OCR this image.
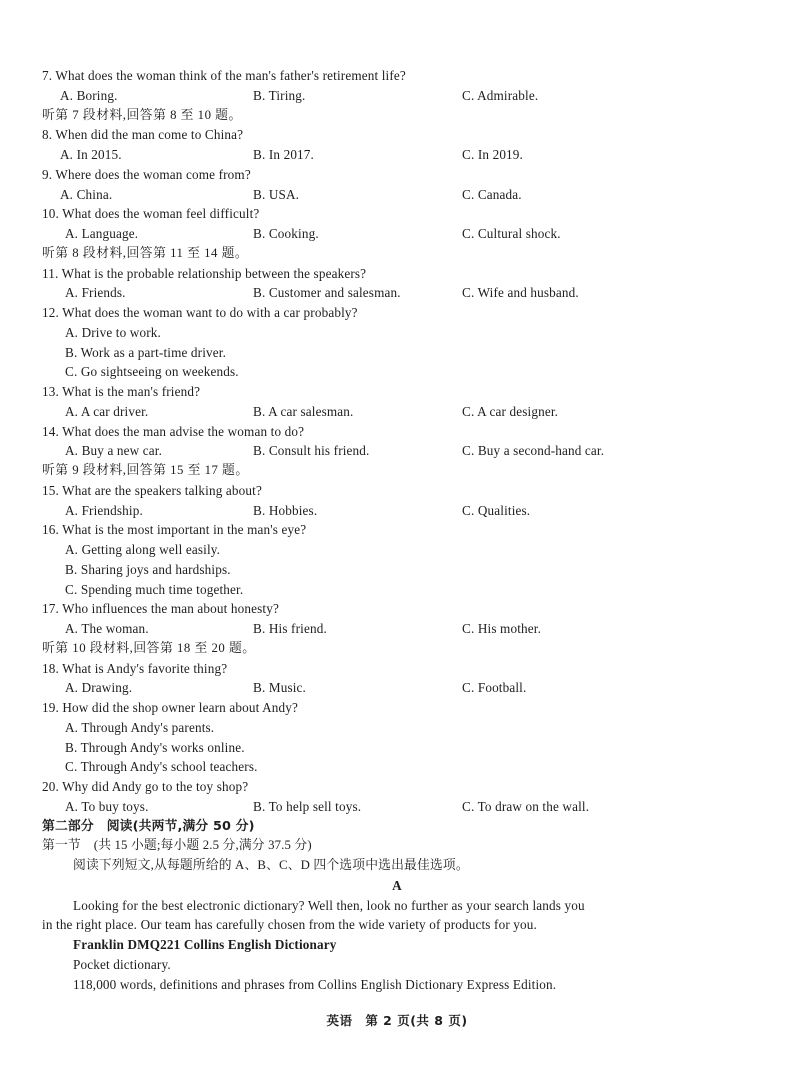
7. What does the woman think of the man's father's retirement life?
A. Boring.	B. Tiring.	C. Admirable.
听第 7 段材料,回答第 8 至 10 题。
8. When did the man come to China?
A. In 2015.	B. In 2017.	C. In 2019.
9. Where does the woman come from?
A. China.	B. USA.	C. Canada.
10. What does the woman feel difficult?
A. Language.	B. Cooking.	C. Cultural shock.
听第 8 段材料,回答第 11 至 14 题。
11. What is the probable relationship between the speakers?
A. Friends.	B. Customer and salesman.	C. Wife and husband.
12. What does the woman want to do with a car probably?
A. Drive to work.
B. Work as a part-time driver.
C. Go sightseeing on weekends.
13. What is the man's friend?
A. A car driver.	B. A car salesman.	C. A car designer.
14. What does the man advise the woman to do?
A. Buy a new car.	B. Consult his friend.	C. Buy a second-hand car.
听第 9 段材料,回答第 15 至 17 题。
15. What are the speakers talking about?
A. Friendship.	B. Hobbies.	C. Qualities.
16. What is the most important in the man's eye?
A. Getting along well easily.
B. Sharing joys and hardships.
C. Spending much time together.
17. Who influences the man about honesty?
A. The woman.	B. His friend.	C. His mother.
听第 10 段材料,回答第 18 至 20 题。
18. What is Andy's favorite thing?
A. Drawing.	B. Music.	C. Football.
19. How did the shop owner learn about Andy?
A. Through Andy's parents.
B. Through Andy's works online.
C. Through Andy's school teachers.
20. Why did Andy go to the toy shop?
A. To buy toys.	B. To help sell toys.	C. To draw on the wall.
第二部分　阅读(共两节,满分 50 分)
第一节　(共 15 小题;每小题 2.5 分,满分 37.5 分)
阅读下列短文,从每题所给的 A、B、C、D 四个选项中选出最佳选项。
A
Looking for the best electronic dictionary? Well then, look no further as your search lands you
in the right place. Our team has carefully chosen from the wide variety of products for you.
Franklin DMQ221 Collins English Dictionary
Pocket dictionary.
118,000 words, definitions and phrases from Collins English Dictionary Express Edition.
英语 第 2 页(共 8 页)
